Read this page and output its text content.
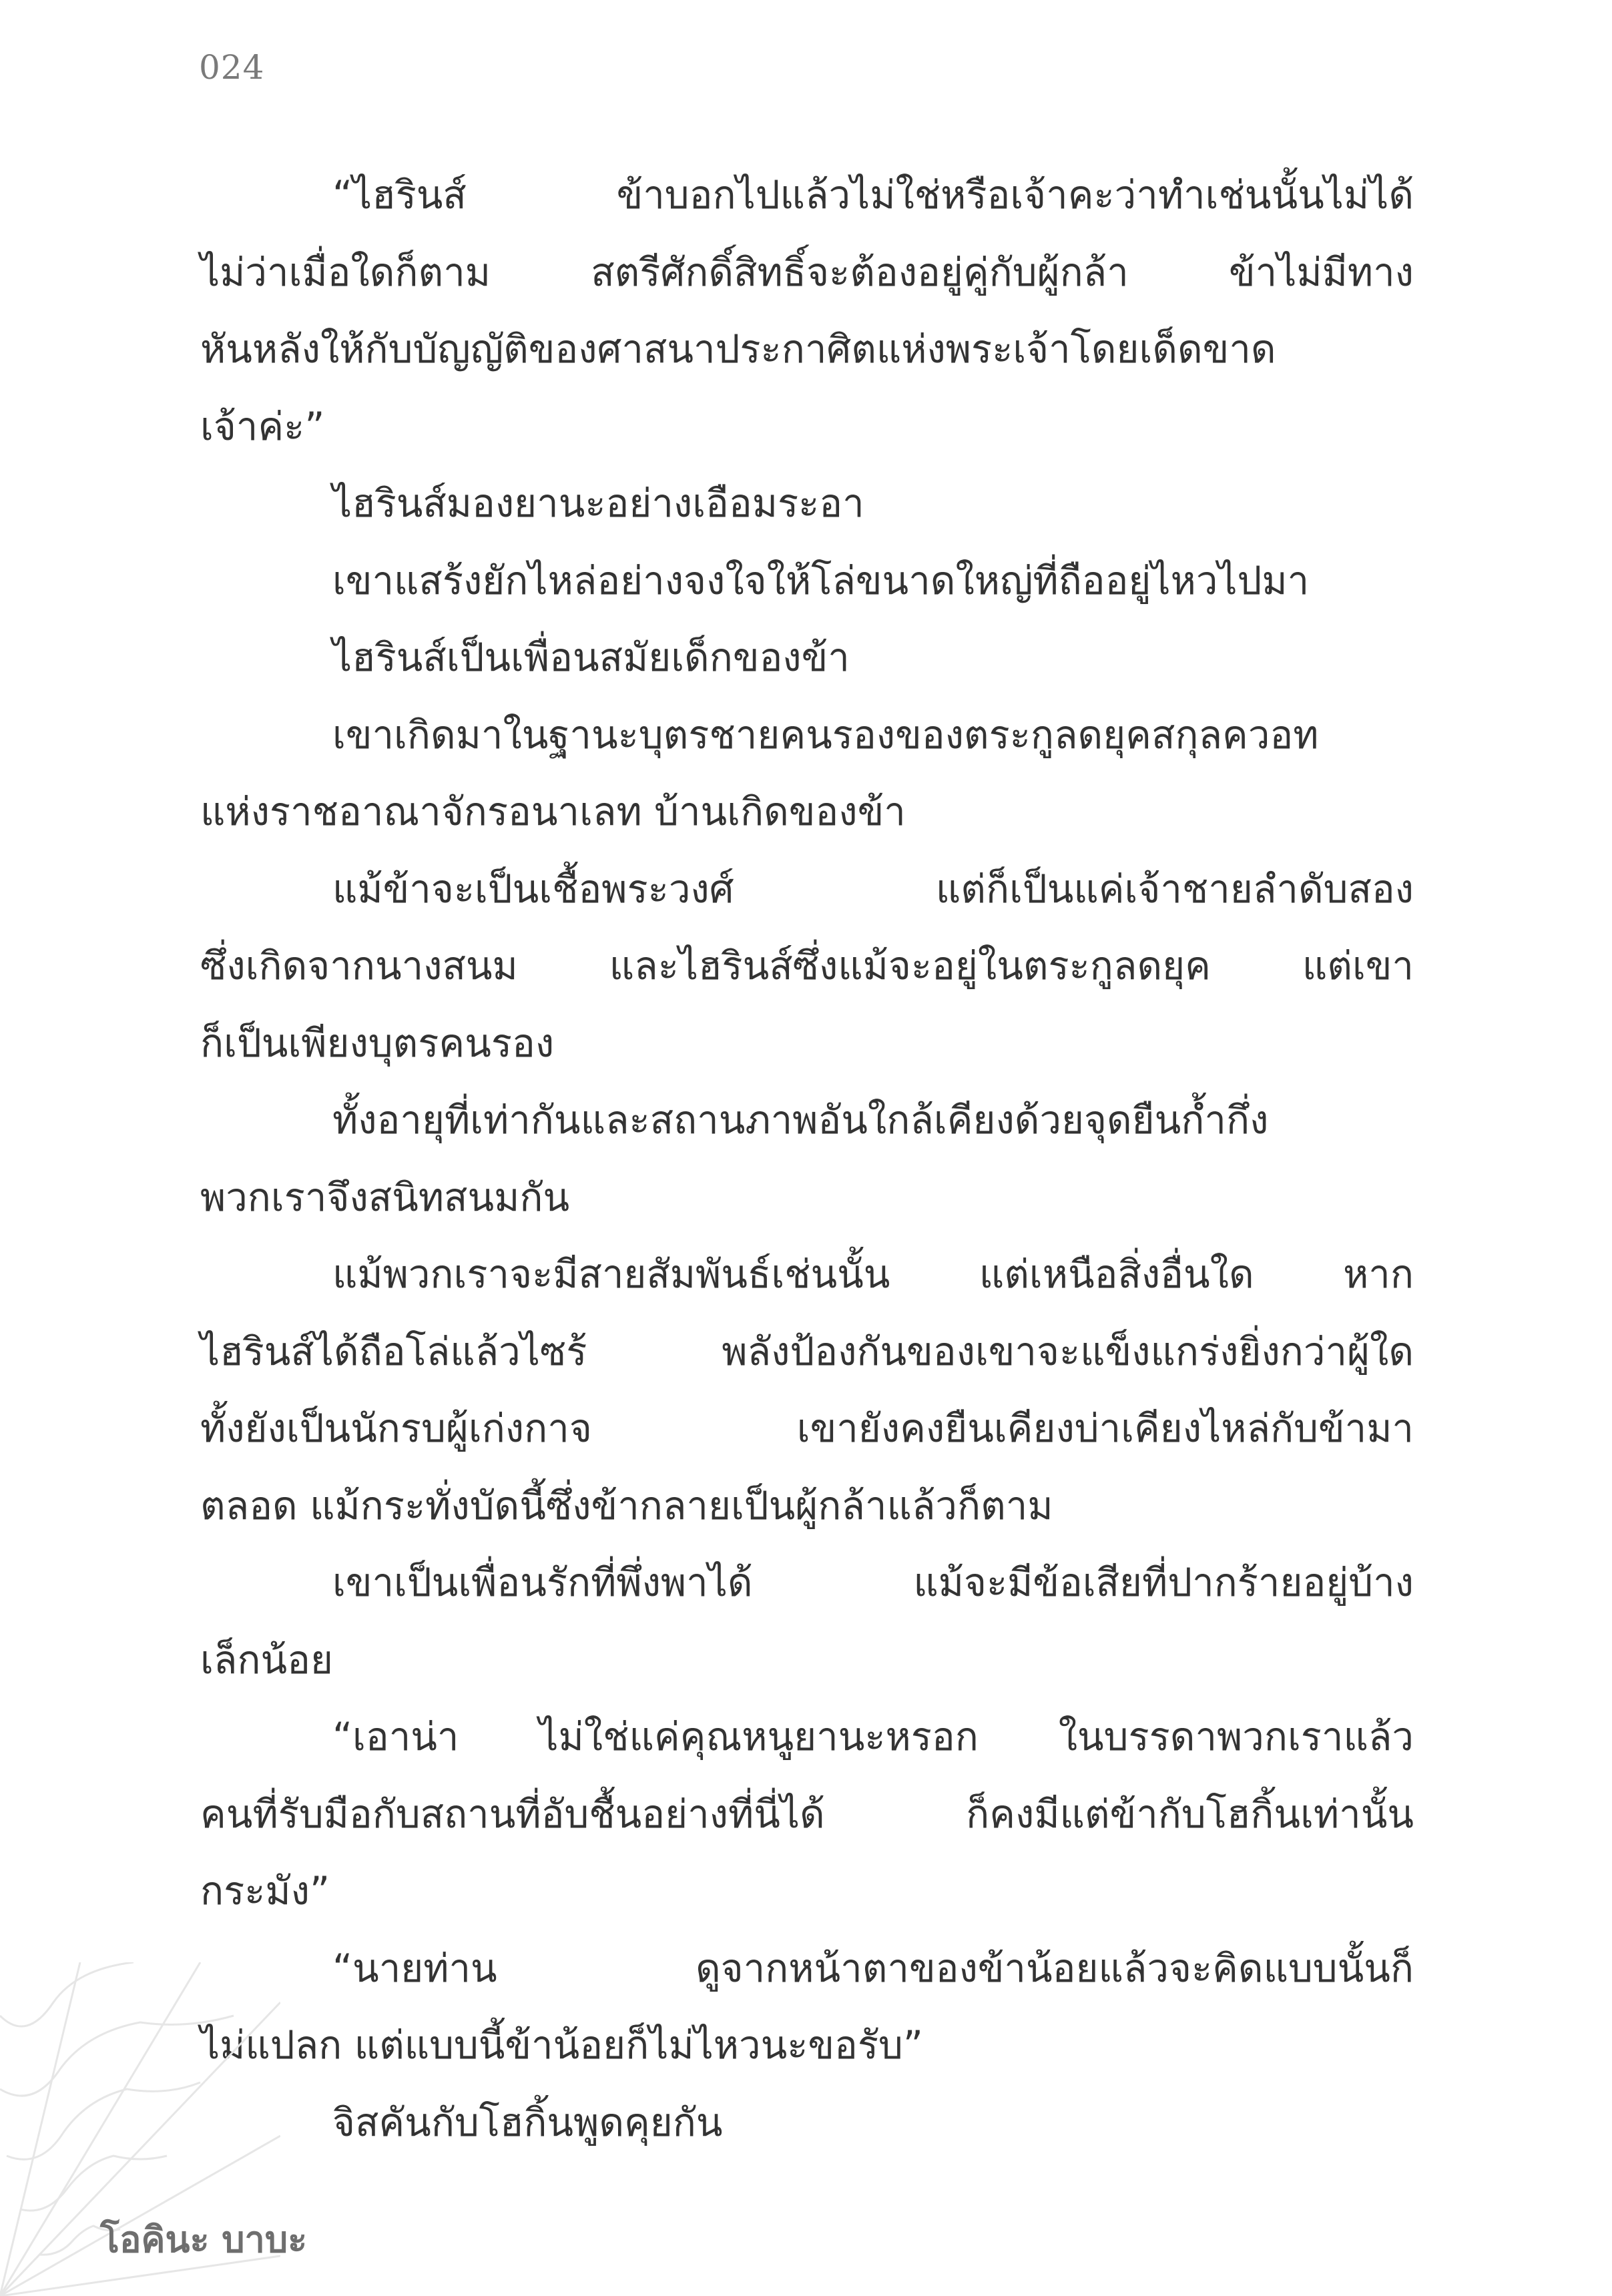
024

“ไฮรินส์ ข้าบอกไปแล้วไม่ใช่หรือเจ้าคะว่าทำเช่นนั้นไม่ได้
ไม่ว่าเมื่อใดก็ตาม สตรีศักดิ์สิทธิ์จะต้องอยู่คู่กับผู้กล้า ข้าไม่มีทาง
หันหลังให้กับบัญญัติของศาสนาประกาศิตแห่งพระเจ้าโดยเด็ดขาด
เจ้าค่ะ”

ไฮรินส์มองยานะอย่างเอือมระอา

เขาแสร้งยักไหล่อย่างจงใจให้โล่ขนาดใหญ่ที่ถืออยู่ไหวไปมา

ไฮรินส์เป็นเพื่อนสมัยเด็กของข้า

เขาเกิดมาในฐานะบุตรชายคนรองของตระกูลดยุคสกุลควอท
แห่งราชอาณาจักรอนาเลท บ้านเกิดของข้า

แม้ข้าจะเป็นเชื้อพระวงศ์ แต่ก็เป็นแค่เจ้าชายลำดับสอง
ซึ่งเกิดจากนางสนม และไฮรินส์ซึ่งแม้จะอยู่ในตระกูลดยุค แต่เขา
ก็เป็นเพียงบุตรคนรอง

ทั้งอายุที่เท่ากันและสถานภาพอันใกล้เคียงด้วยจุดยืนก้ำกึ่ง
พวกเราจึงสนิทสนมกัน

แม้พวกเราจะมีสายสัมพันธ์เช่นนั้น แต่เหนือสิ่งอื่นใด หาก
ไฮรินส์ได้ถือโล่แล้วไซร้ พลังป้องกันของเขาจะแข็งแกร่งยิ่งกว่าผู้ใด
ทั้งยังเป็นนักรบผู้เก่งกาจ เขายังคงยืนเคียงบ่าเคียงไหล่กับข้ามา
ตลอด แม้กระทั่งบัดนี้ซึ่งข้ากลายเป็นผู้กล้าแล้วก็ตาม

เขาเป็นเพื่อนรักที่พึ่งพาได้ แม้จะมีข้อเสียที่ปากร้ายอยู่บ้าง
เล็กน้อย

“เอาน่า ไม่ใช่แค่คุณหนูยานะหรอก ในบรรดาพวกเราแล้ว
คนที่รับมือกับสถานที่อับชื้นอย่างที่นี่ได้ ก็คงมีแต่ข้ากับโฮกิ้นเท่านั้น
กระมัง”

“นายท่าน ดูจากหน้าตาของข้าน้อยแล้วจะคิดแบบนั้นก็
ไม่แปลก แต่แบบนี้ข้าน้อยก็ไม่ไหวนะขอรับ”

จิสคันกับโฮกิ้นพูดคุยกัน

โอคินะ บาบะ
